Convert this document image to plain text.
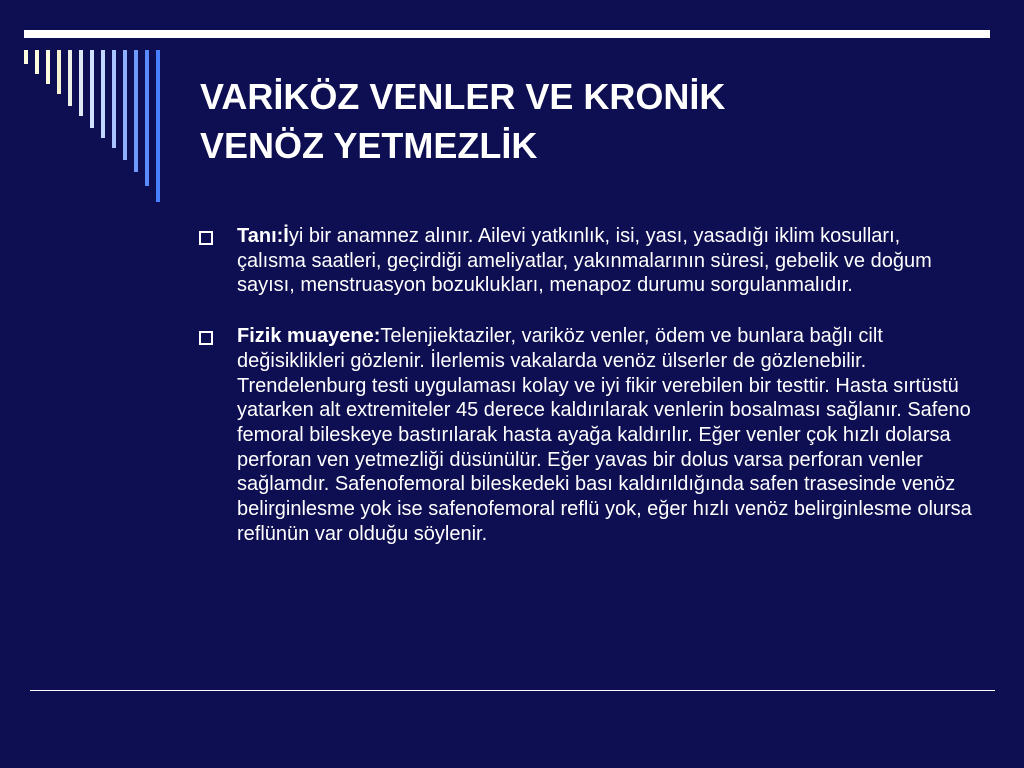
VARİKÖZ VENLER VE KRONİK
VENÖZ YETMEZLİK
Tanı:İyi bir anamnez alınır. Ailevi yatkınlık, isi, yası, yasadığı iklim kosulları, çalısma saatleri, geçirdiği ameliyatlar, yakınmalarının süresi, gebelik ve doğum sayısı, menstruasyon bozuklukları, menapoz durumu sorgulanmalıdır.
Fizik muayene:Telenjiektaziler, variköz venler, ödem ve bunlara bağlı cilt değisiklikleri gözlenir. İlerlemis vakalarda venöz ülserler de gözlenebilir. Trendelenburg testi uygulaması kolay ve iyi fikir verebilen bir testtir. Hasta sırtüstü yatarken alt extremiteler 45 derece kaldırılarak venlerin bosalması sağlanır. Safeno femoral bileskeye bastırılarak hasta ayağa kaldırılır. Eğer venler çok hızlı dolarsa perforan ven yetmezliği düsünülür. Eğer yavas bir dolus varsa perforan venler sağlamdır. Safenofemoral bileskedeki bası kaldırıldığında safen trasesinde venöz belirginlesme yok ise safenofemoral reflü yok, eğer hızlı venöz belirginlesme olursa reflünün var olduğu söylenir.
